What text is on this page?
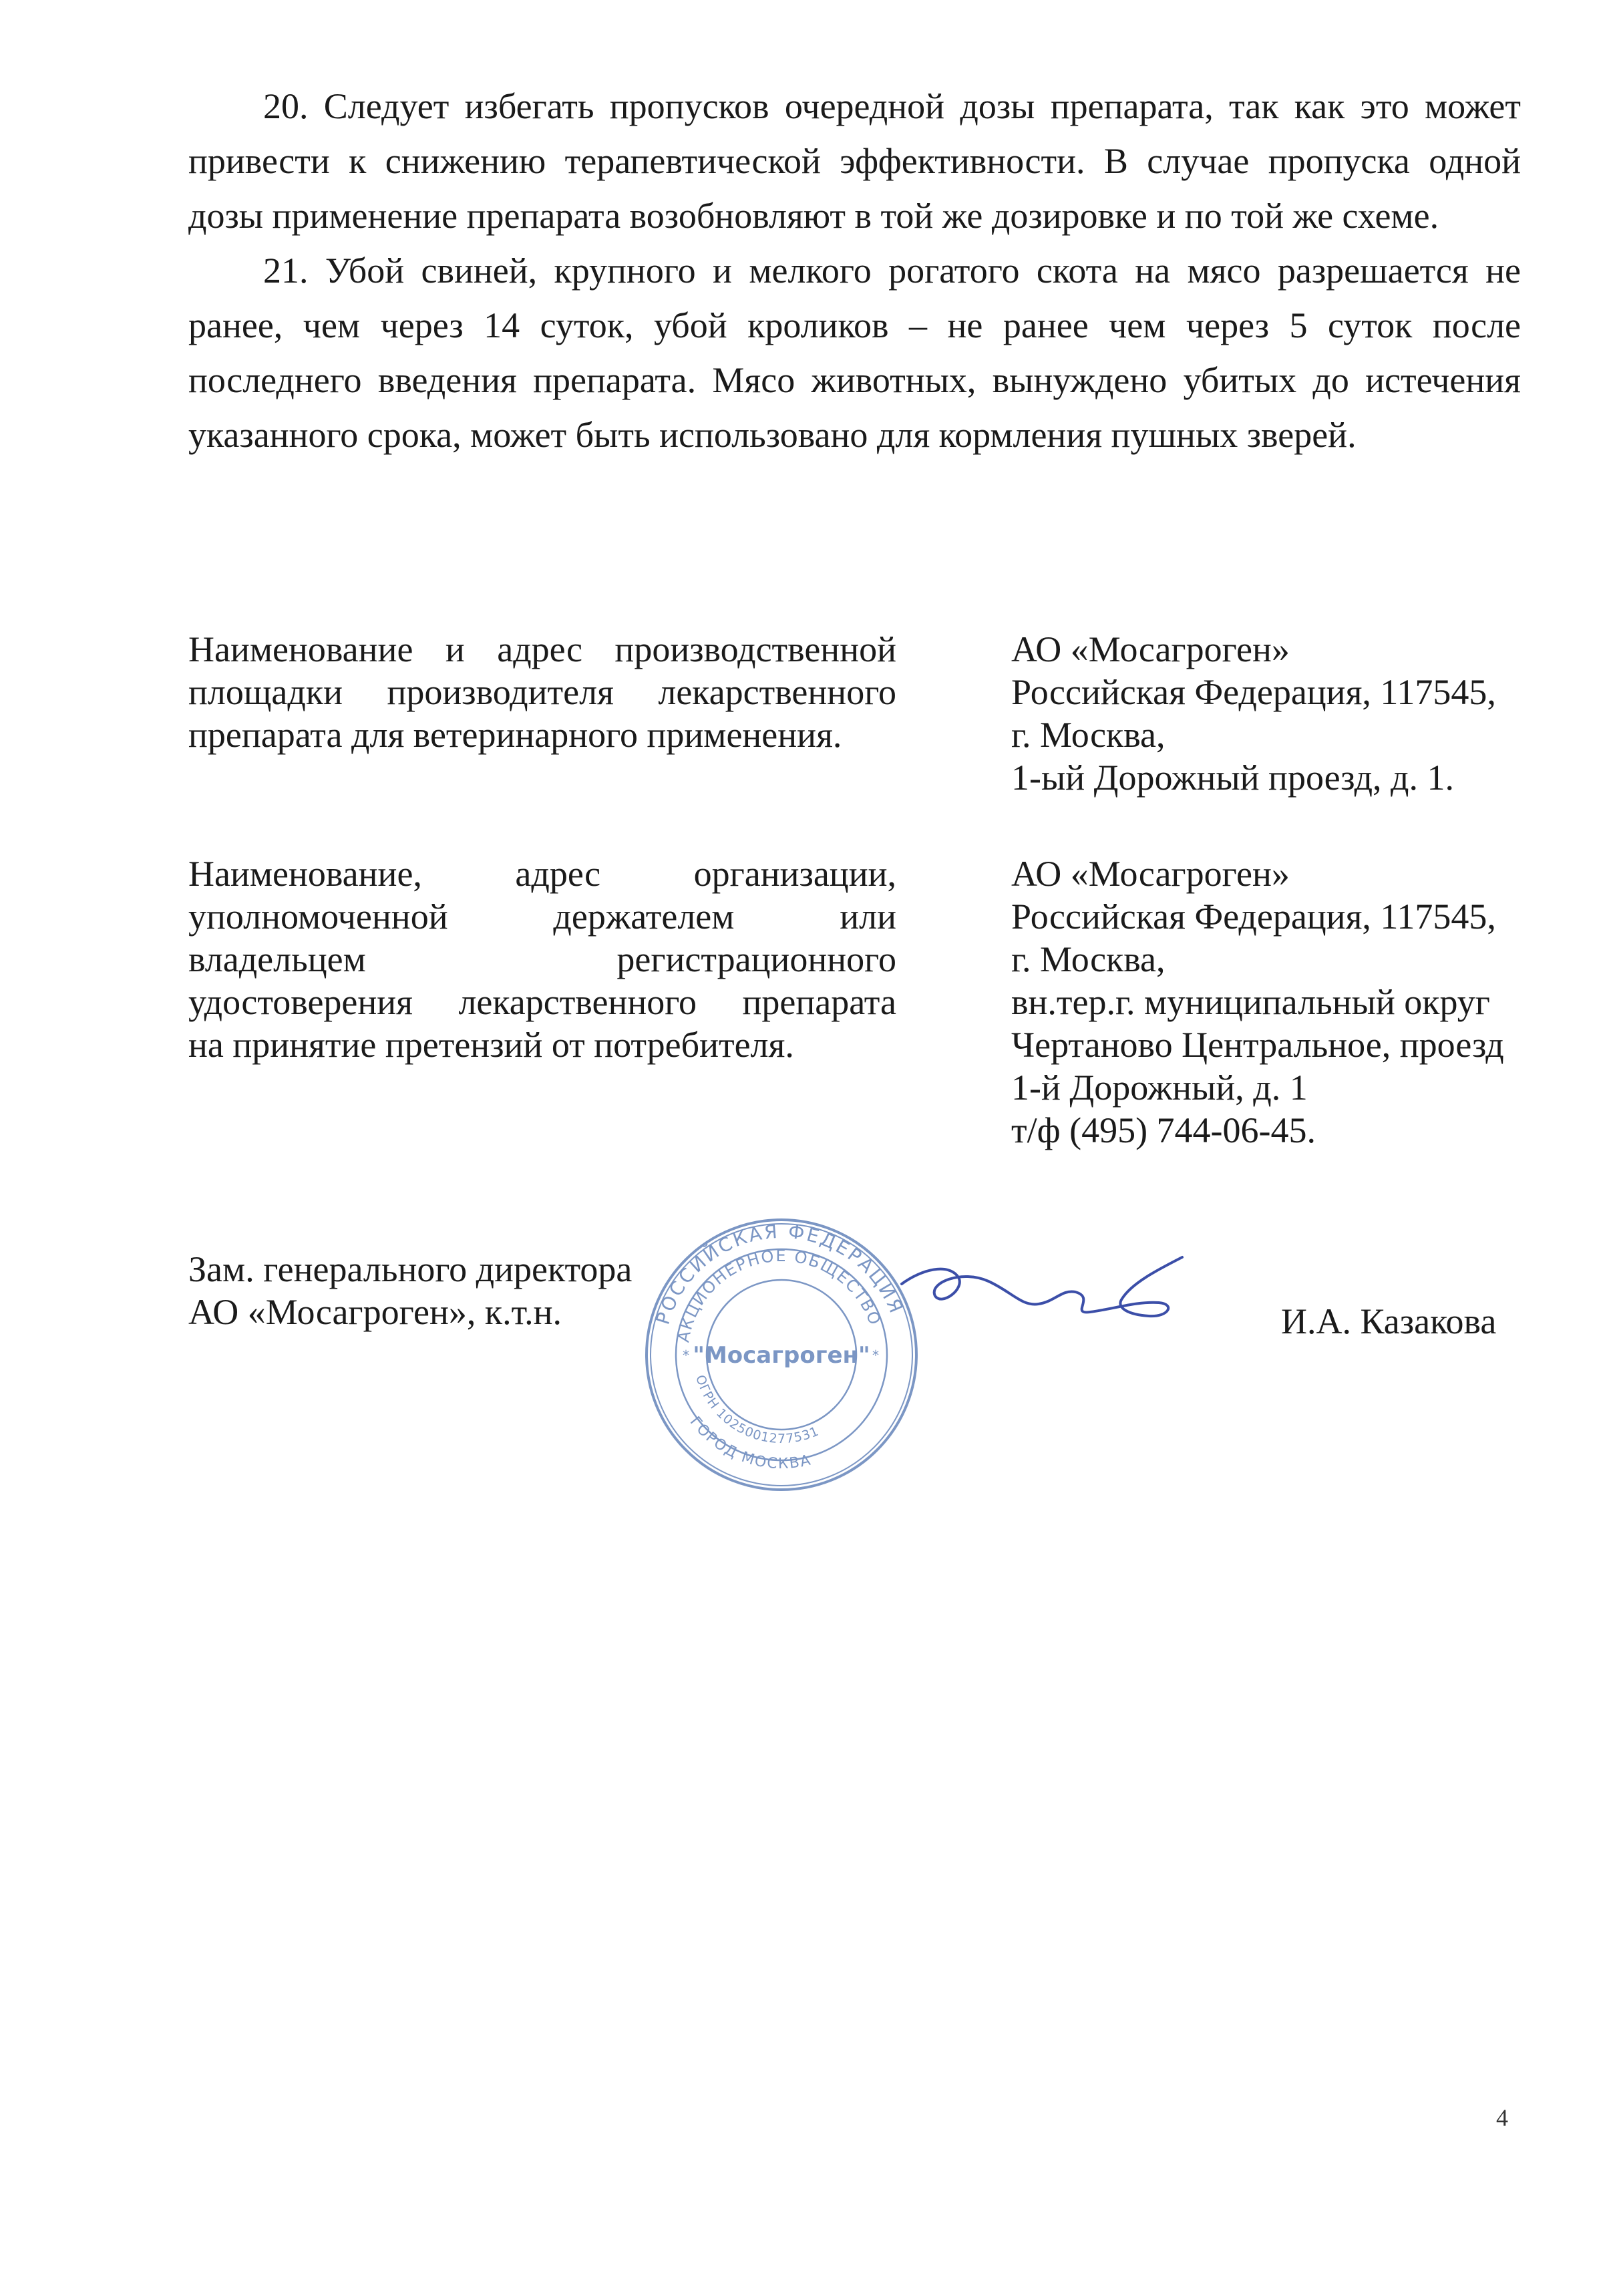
20. Следует избегать пропусков очередной дозы препарата, так как это может привести к снижению терапевтической эффективности. В случае пропуска одной дозы применение препарата возобновляют в той же дозировке и по той же схеме.

21. Убой свиней, крупного и мелкого рогатого скота на мясо разрешается не ранее, чем через 14 суток, убой кроликов – не ранее чем через 5 суток после последнего введения препарата. Мясо животных, вынуждено убитых до истечения указанного срока, может быть использовано для кормления пушных зверей.

Наименование и адрес производственной
площадки производителя лекарственного
препарата для ветеринарного применения.
АО «Мосагроген»
Российская Федерация, 117545,
г. Москва,
1-ый Дорожный проезд, д. 1.
Наименование, адрес организации,
уполномоченной держателем или
владельцем регистрационного
удостоверения лекарственного препарата
на принятие претензий от потребителя.
АО «Мосагроген»
Российская Федерация, 117545,
г. Москва,
вн.тер.г. муниципальный округ
Чертаново Центральное, проезд
1-й Дорожный, д. 1
т/ф (495) 744-06-45.
Зам. генерального директора
АО «Мосагроген», к.т.н.	РОССИЙСКАЯ ФЕДЕРАЦИЯ
АКЦИОНЕРНОЕ ОБЩЕСТВО
ГОРОД МОСКВА
ОГРН 1025001277531
"Мосагроген"
*	*
И.А. Казакова
4
